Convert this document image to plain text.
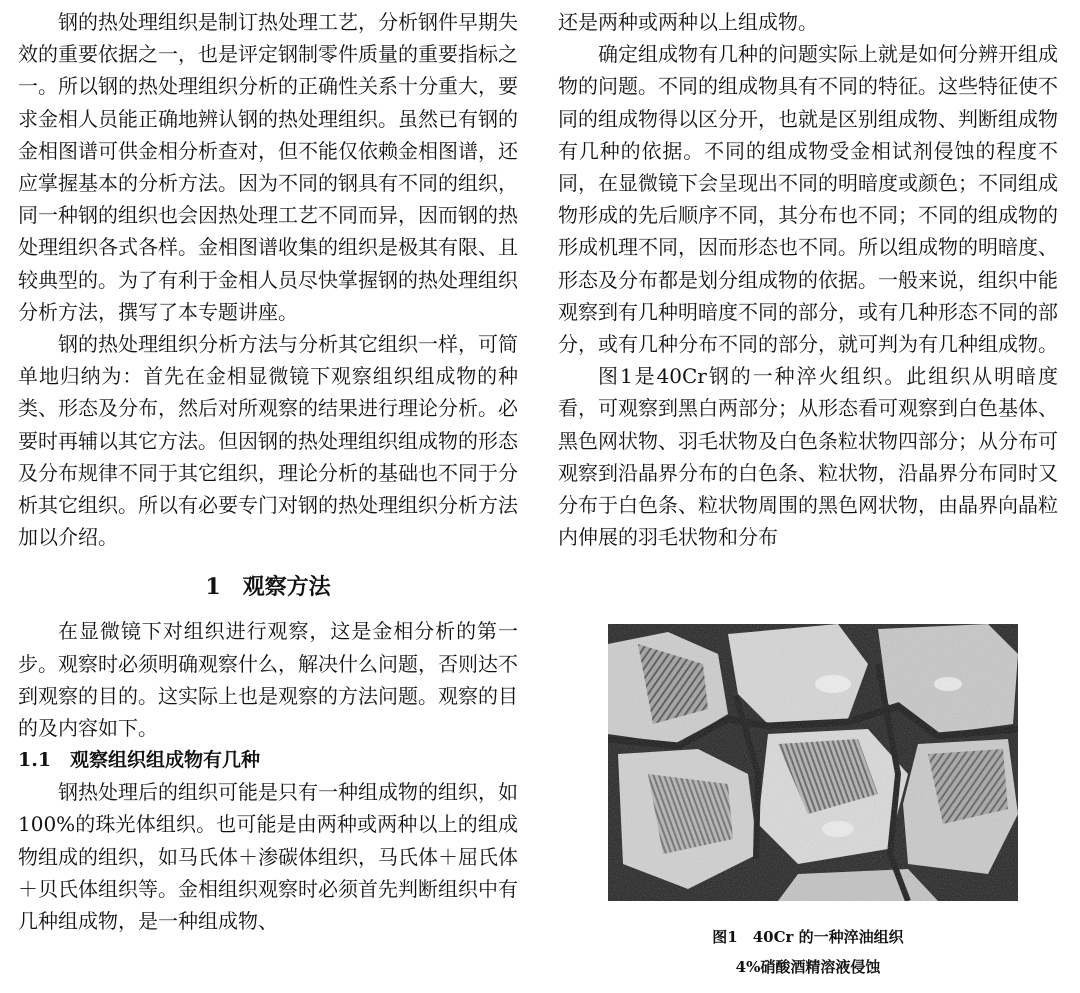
钢的热处理组织是制订热处理工艺，分析钢件早期失效的重要依据之一，也是评定钢制零件质量的重要指标之一。所以钢的热处理组织分析的正确性关系十分重大，要求金相人员能正确地辨认钢的热处理组织。虽然已有钢的金相图谱可供金相分析查对，但不能仅依赖金相图谱，还应掌握基本的分析方法。因为不同的钢具有不同的组织，同一种钢的组织也会因热处理工艺不同而异，因而钢的热处理组织各式各样。金相图谱收集的组织是极其有限、且较典型的。为了有利于金相人员尽快掌握钢的热处理组织分析方法，撰写了本专题讲座。

钢的热处理组织分析方法与分析其它组织一样，可简单地归纳为：首先在金相显微镜下观察组织组成物的种类、形态及分布，然后对所观察的结果进行理论分析。必要时再辅以其它方法。但因钢的热处理组织组成物的形态及分布规律不同于其它组织，理论分析的基础也不同于分析其它组织。所以有必要专门对钢的热处理组织分析方法加以介绍。

1　观察方法

在显微镜下对组织进行观察，这是金相分析的第一步。观察时必须明确观察什么，解决什么问题，否则达不到观察的目的。这实际上也是观察的方法问题。观察的目的及内容如下。

1.1　观察组织组成物有几种

钢热处理后的组织可能是只有一种组成物的组织，如100%的珠光体组织。也可能是由两种或两种以上的组成物组成的组织，如马氏体＋渗碳体组织，马氏体＋屈氏体＋贝氏体组织等。金相组织观察时必须首先判断组织中有几种组成物，是一种组成物、

还是两种或两种以上组成物。

确定组成物有几种的问题实际上就是如何分辨开组成物的问题。不同的组成物具有不同的特征。这些特征使不同的组成物得以区分开，也就是区别组成物、判断组成物有几种的依据。不同的组成物受金相试剂侵蚀的程度不同，在显微镜下会呈现出不同的明暗度或颜色；不同组成物形成的先后顺序不同，其分布也不同；不同的组成物的形成机理不同，因而形态也不同。所以组成物的明暗度、形态及分布都是划分组成物的依据。一般来说，组织中能观察到有几种明暗度不同的部分，或有几种形态不同的部分，或有几种分布不同的部分，就可判为有几种组成物。

图1是40Cr钢的一种淬火组织。此组织从明暗度看，可观察到黑白两部分；从形态看可观察到白色基体、黑色网状物、羽毛状物及白色条粒状物四部分；从分布可观察到沿晶界分布的白色条、粒状物，沿晶界分布同时又分布于白色条、粒状物周围的黑色网状物，由晶界向晶粒内伸展的羽毛状物和分布

图1　40Cr 的一种淬油组织
4%硝酸酒精溶液侵蚀
